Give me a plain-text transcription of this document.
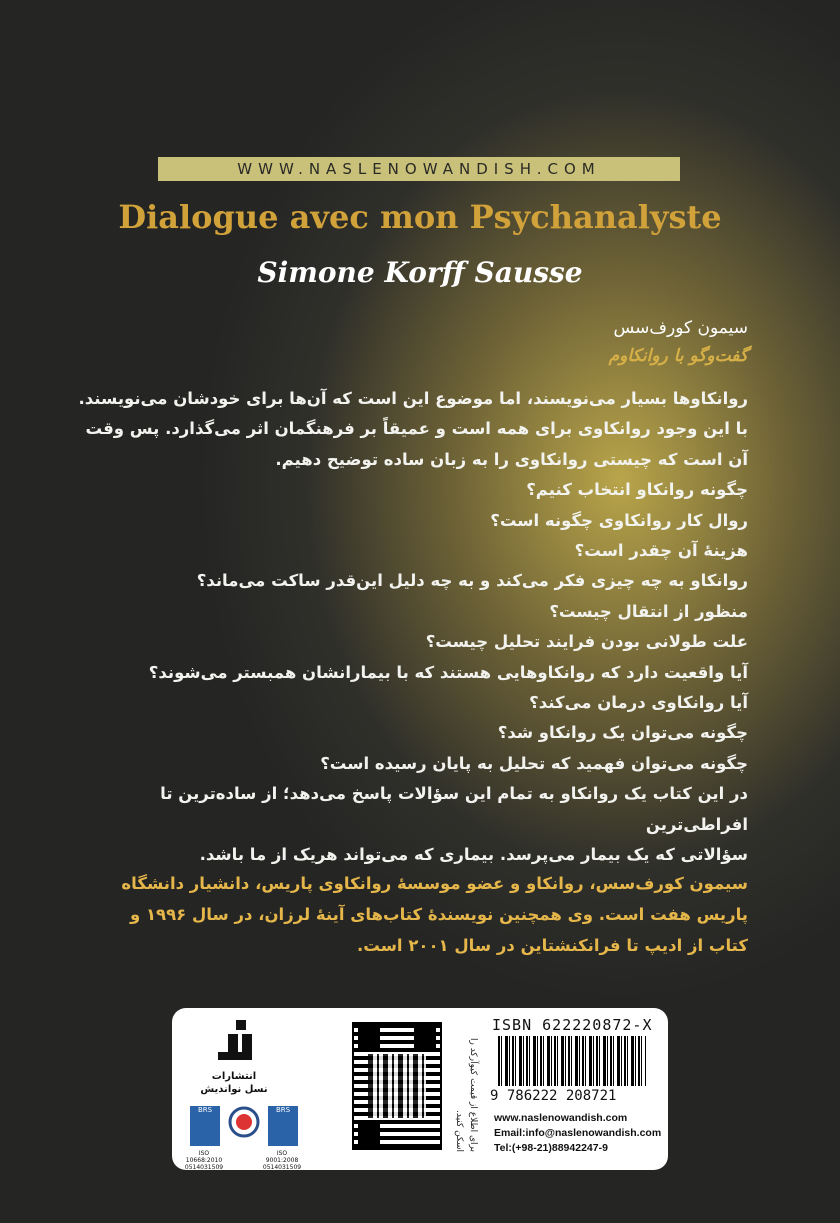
WWW.NASLENOWANDISH.COM
Dialogue avec mon Psychanalyste
Simone Korff Sausse
سیمون کورف‌سس
گفت‌وگو با روانکاوم

روانکاوها بسیار می‌نویسند، اما موضوع این است که آن‌ها برای خودشان می‌نویسند.

با این وجود روانکاوی برای همه است و عمیقاً بر فرهنگمان اثر می‌گذارد. پس وقت

آن است که چیستی روانکاوی را به زبان ساده توضیح دهیم.

چگونه روانکاو انتخاب کنیم؟

روال کار روانکاوی چگونه است؟

هزینهٔ آن چقدر است؟

روانکاو به چه چیزی فکر می‌کند و به چه دلیل این‌قدر ساکت می‌ماند؟

منظور از انتقال چیست؟

علت طولانی بودن فرایند تحلیل چیست؟

آیا واقعیت دارد که روانکاوهایی هستند که با بیمارانشان همبستر می‌شوند؟

آیا روانکاوی درمان می‌کند؟

چگونه می‌توان یک روانکاو شد؟

چگونه می‌توان فهمید که تحلیل به پایان رسیده است؟

در این کتاب یک روانکاو به تمام این سؤالات پاسخ می‌دهد؛ از ساده‌ترین تا افراطی‌ترین

سؤالاتی که یک بیمار می‌پرسد. بیماری که می‌تواند هریک از ما باشد.

سیمون کورف‌سس، روانکاو و عضو موسسهٔ روانکاوی پاریس، دانشیار دانشگاه

پاریس هفت است. وی همچنین نویسندهٔ کتاب‌های آینهٔ لرزان، در سال ۱۹۹۶ و

کتاب از ادیپ تا فرانکنشتاین در سال ۲۰۰۱ است.

انتشارات
نسل نواندیش
BRS
ISO 10668:2010 0514031509
BRS
ISO 9001:2008 0514031509
برای اطلاع از قیمت کیوآرکد را اسکن کنید.
ISBN 622220872-X
9 786222 208721
www.naslenowandish.com
Email:info@naslenowandish.com
Tel:(+98-21)88942247-9
